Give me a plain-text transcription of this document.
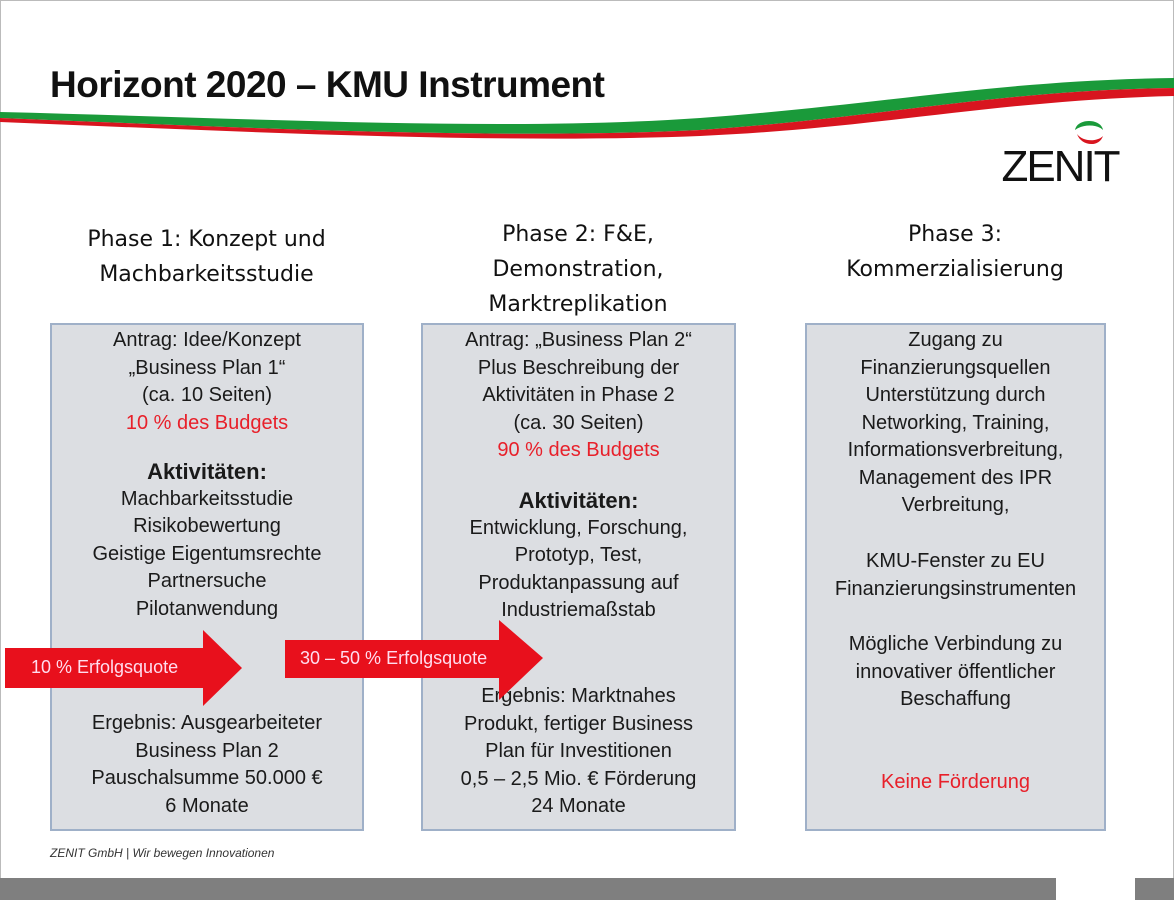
Horizont 2020 – KMU Instrument
ZENIT
Phase 1: Konzept und
Machbarkeitsstudie
Phase 2: F&E,
Demonstration,
Marktreplikation
Phase 3:
Kommerzialisierung
Antrag: Idee/Konzept
„Business Plan 1“
(ca. 10 Seiten)
10 % des Budgets
Aktivitäten:
Machbarkeitsstudie
Risikobewertung
Geistige Eigentumsrechte
Partnersuche
Pilotanwendung
Ergebnis: Ausgearbeiteter
Business Plan 2
Pauschalsumme 50.000 €
6 Monate
Antrag: „Business Plan 2“
Plus Beschreibung der
Aktivitäten in Phase 2
(ca. 30 Seiten)
90 % des Budgets
Aktivitäten:
Entwicklung, Forschung,
Prototyp, Test,
Produktanpassung auf
Industriemaßstab
Ergebnis: Marktnahes
Produkt, fertiger Business
Plan für Investitionen
0,5 – 2,5 Mio. € Förderung
24 Monate
Zugang zu
Finanzierungsquellen
Unterstützung durch
Networking, Training,
Informationsverbreitung,
Management des IPR
Verbreitung,
KMU-Fenster zu EU
Finanzierungsinstrumenten
Mögliche Verbindung zu
innovativer öffentlicher
Beschaffung
Keine Förderung
10 % Erfolgsquote	30 – 50 % Erfolgsquote
ZENIT GmbH | Wir bewegen Innovationen
